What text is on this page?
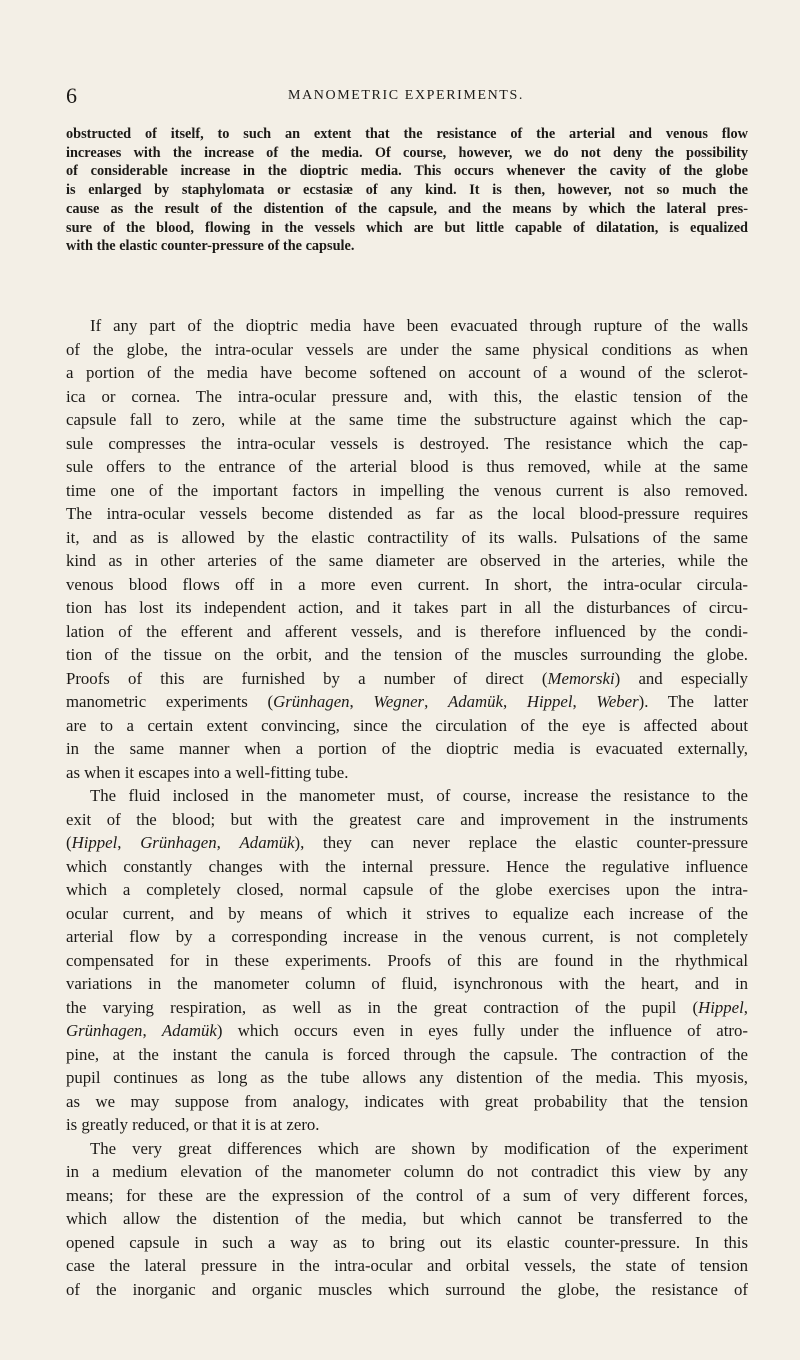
6	MANOMETRIC EXPERIMENTS.
obstructed of itself, to such an extent that the resistance of the arterial and venous flow
increases with the increase of the media. Of course, however, we do not deny the possibility
of considerable increase in the dioptric media. This occurs whenever the cavity of the globe
is enlarged by staphylomata or ecstasiæ of any kind. It is then, however, not so much the
cause as the result of the distention of the capsule, and the means by which the lateral pres-
sure of the blood, flowing in the vessels which are but little capable of dilatation, is equalized
with the elastic counter-pressure of the capsule.

If any part of the dioptric media have been evacuated through rupture of the walls
of the globe, the intra-ocular vessels are under the same physical conditions as when
a portion of the media have become softened on account of a wound of the sclerot-
ica or cornea. The intra-ocular pressure and, with this, the elastic tension of the
capsule fall to zero, while at the same time the substructure against which the cap-
sule compresses the intra-ocular vessels is destroyed. The resistance which the cap-
sule offers to the entrance of the arterial blood is thus removed, while at the same
time one of the important factors in impelling the venous current is also removed.
The intra-ocular vessels become distended as far as the local blood-pressure requires
it, and as is allowed by the elastic contractility of its walls. Pulsations of the same
kind as in other arteries of the same diameter are observed in the arteries, while the
venous blood flows off in a more even current. In short, the intra-ocular circula-
tion has lost its independent action, and it takes part in all the disturbances of circu-
lation of the efferent and afferent vessels, and is therefore influenced by the condi-
tion of the tissue on the orbit, and the tension of the muscles surrounding the globe.
Proofs of this are furnished by a number of direct (Memorski) and especially
manometric experiments (Grünhagen, Wegner, Adamük, Hippel, Weber). The latter
are to a certain extent convincing, since the circulation of the eye is affected about
in the same manner when a portion of the dioptric media is evacuated externally,
as when it escapes into a well-fitting tube.

The fluid inclosed in the manometer must, of course, increase the resistance to the
exit of the blood; but with the greatest care and improvement in the instruments
(Hippel, Grünhagen, Adamük), they can never replace the elastic counter-pressure
which constantly changes with the internal pressure. Hence the regulative influence
which a completely closed, normal capsule of the globe exercises upon the intra-
ocular current, and by means of which it strives to equalize each increase of the
arterial flow by a corresponding increase in the venous current, is not completely
compensated for in these experiments. Proofs of this are found in the rhythmical
variations in the manometer column of fluid, isynchronous with the heart, and in
the varying respiration, as well as in the great contraction of the pupil (Hippel,
Grünhagen, Adamük) which occurs even in eyes fully under the influence of atro-
pine, at the instant the canula is forced through the capsule. The contraction of the
pupil continues as long as the tube allows any distention of the media. This myosis,
as we may suppose from analogy, indicates with great probability that the tension
is greatly reduced, or that it is at zero.

The very great differences which are shown by modification of the experiment
in a medium elevation of the manometer column do not contradict this view by any
means; for these are the expression of the control of a sum of very different forces,
which allow the distention of the media, but which cannot be transferred to the
opened capsule in such a way as to bring out its elastic counter-pressure. In this
case the lateral pressure in the intra-ocular and orbital vessels, the state of tension
of the inorganic and organic muscles which surround the globe, the resistance of
